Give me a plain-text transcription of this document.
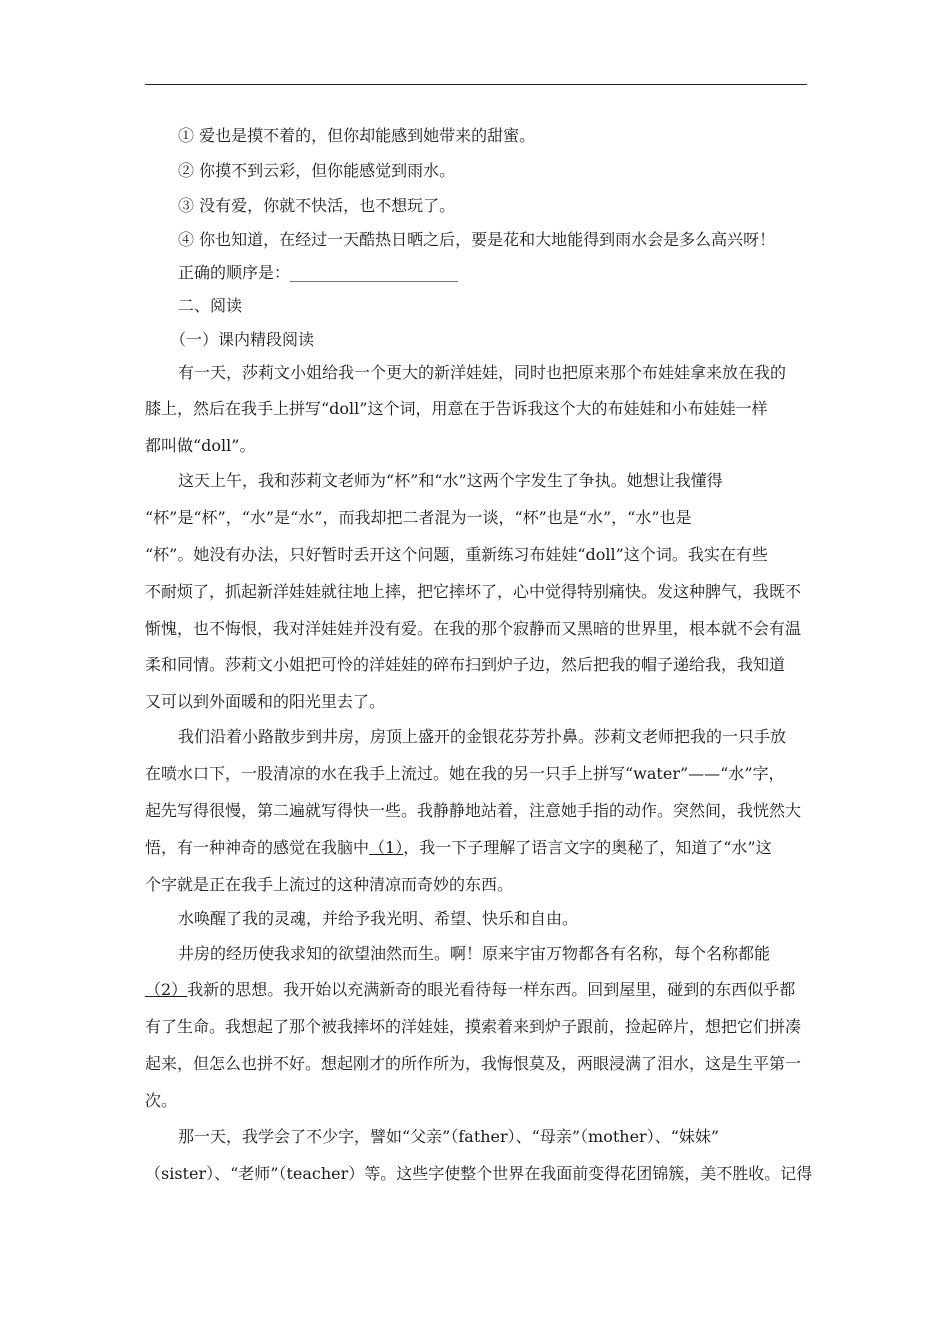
① 爱也是摸不着的，但你却能感到她带来的甜蜜。
② 你摸不到云彩，但你能感觉到雨水。
③ 没有爱，你就不快活，也不想玩了。
④ 你也知道，在经过一天酷热日晒之后，要是花和大地能得到雨水会是多么高兴呀！
正确的顺序是：_____________________
二、阅读
（一）课内精段阅读
有一天，莎莉文小姐给我一个更大的新洋娃娃，同时也把原来那个布娃娃拿来放在我的
膝上，然后在我手上拼写“doll”这个词，用意在于告诉我这个大的布娃娃和小布娃娃一样
都叫做“doll”。
这天上午，我和莎莉文老师为“杯”和“水”这两个字发生了争执。她想让我懂得
“杯”是“杯”，“水”是“水”，而我却把二者混为一谈，“杯”也是“水”，“水”也是
“杯”。她没有办法，只好暂时丢开这个问题，重新练习布娃娃“doll”这个词。我实在有些
不耐烦了，抓起新洋娃娃就往地上摔，把它摔坏了，心中觉得特别痛快。发这种脾气，我既不
惭愧，也不悔恨，我对洋娃娃并没有爱。在我的那个寂静而又黑暗的世界里，根本就不会有温
柔和同情。莎莉文小姐把可怜的洋娃娃的碎布扫到炉子边，然后把我的帽子递给我，我知道
又可以到外面暖和的阳光里去了。
我们沿着小路散步到井房，房顶上盛开的金银花芬芳扑鼻。莎莉文老师把我的一只手放
在喷水口下，一股清凉的水在我手上流过。她在我的另一只手上拼写“water”——“水”字，
起先写得很慢，第二遍就写得快一些。我静静地站着，注意她手指的动作。突然间，我恍然大
悟，有一种神奇的感觉在我脑中（1），我一下子理解了语言文字的奥秘了，知道了“水”这
个字就是正在我手上流过的这种清凉而奇妙的东西。
水唤醒了我的灵魂，并给予我光明、希望、快乐和自由。
井房的经历使我求知的欲望油然而生。啊！原来宇宙万物都各有名称，每个名称都能
（2）我新的思想。我开始以充满新奇的眼光看待每一样东西。回到屋里，碰到的东西似乎都
有了生命。我想起了那个被我摔坏的洋娃娃，摸索着来到炉子跟前，捡起碎片，想把它们拼凑
起来，但怎么也拼不好。想起刚才的所作所为，我悔恨莫及，两眼浸满了泪水，这是生平第一
次。
那一天，我学会了不少字，譬如“父亲”（father）、“母亲”（mother）、“妹妹”
（sister）、“老师”（teacher）等。这些字使整个世界在我面前变得花团锦簇，美不胜收。记得
